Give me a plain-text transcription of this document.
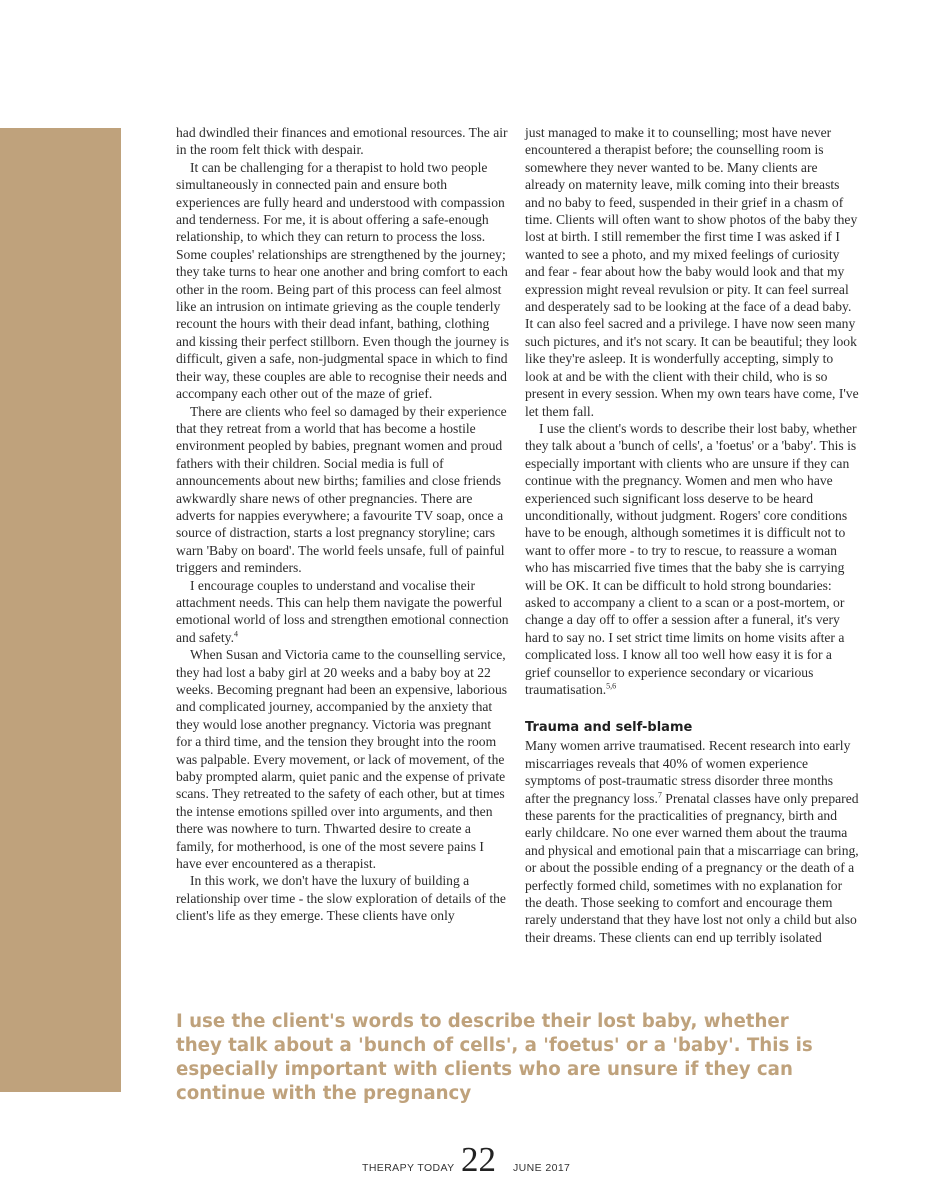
had dwindled their finances and emotional resources. The air in the room felt thick with despair.

It can be challenging for a therapist to hold two people simultaneously in connected pain and ensure both experiences are fully heard and understood with compassion and tenderness. For me, it is about offering a safe-enough relationship, to which they can return to process the loss. Some couples' relationships are strengthened by the journey; they take turns to hear one another and bring comfort to each other in the room. Being part of this process can feel almost like an intrusion on intimate grieving as the couple tenderly recount the hours with their dead infant, bathing, clothing and kissing their perfect stillborn. Even though the journey is difficult, given a safe, non-judgmental space in which to find their way, these couples are able to recognise their needs and accompany each other out of the maze of grief.

There are clients who feel so damaged by their experience that they retreat from a world that has become a hostile environment peopled by babies, pregnant women and proud fathers with their children. Social media is full of announcements about new births; families and close friends awkwardly share news of other pregnancies. There are adverts for nappies everywhere; a favourite TV soap, once a source of distraction, starts a lost pregnancy storyline; cars warn 'Baby on board'. The world feels unsafe, full of painful triggers and reminders.

I encourage couples to understand and vocalise their attachment needs. This can help them navigate the powerful emotional world of loss and strengthen emotional connection and safety.$^4$

When Susan and Victoria came to the counselling service, they had lost a baby girl at 20 weeks and a baby boy at 22 weeks. Becoming pregnant had been an expensive, laborious and complicated journey, accompanied by the anxiety that they would lose another pregnancy. Victoria was pregnant for a third time, and the tension they brought into the room was palpable. Every movement, or lack of movement, of the baby prompted alarm, quiet panic and the expense of private scans. They retreated to the safety of each other, but at times the intense emotions spilled over into arguments, and then there was nowhere to turn. Thwarted desire to create a family, for motherhood, is one of the most severe pains I have ever encountered as a therapist.

In this work, we don't have the luxury of building a relationship over time - the slow exploration of details of the client's life as they emerge. These clients have only

just managed to make it to counselling; most have never encountered a therapist before; the counselling room is somewhere they never wanted to be. Many clients are already on maternity leave, milk coming into their breasts and no baby to feed, suspended in their grief in a chasm of time. Clients will often want to show photos of the baby they lost at birth. I still remember the first time I was asked if I wanted to see a photo, and my mixed feelings of curiosity and fear - fear about how the baby would look and that my expression might reveal revulsion or pity. It can feel surreal and desperately sad to be looking at the face of a dead baby. It can also feel sacred and a privilege. I have now seen many such pictures, and it's not scary. It can be beautiful; they look like they're asleep. It is wonderfully accepting, simply to look at and be with the client with their child, who is so present in every session. When my own tears have come, I've let them fall.

I use the client's words to describe their lost baby, whether they talk about a 'bunch of cells', a 'foetus' or a 'baby'. This is especially important with clients who are unsure if they can continue with the pregnancy. Women and men who have experienced such significant loss deserve to be heard unconditionally, without judgment. Rogers' core conditions have to be enough, although sometimes it is difficult not to want to offer more - to try to rescue, to reassure a woman who has miscarried five times that the baby she is carrying will be OK. It can be difficult to hold strong boundaries: asked to accompany a client to a scan or a post-mortem, or change a day off to offer a session after a funeral, it's very hard to say no. I set strict time limits on home visits after a complicated loss. I know all too well how easy it is for a grief counsellor to experience secondary or vicarious traumatisation.$^{5,6}$

Trauma and self-blame

Many women arrive traumatised. Recent research into early miscarriages reveals that 40% of women experience symptoms of post-traumatic stress disorder three months after the pregnancy loss.$^7$ Prenatal classes have only prepared these parents for the practicalities of pregnancy, birth and early childcare. No one ever warned them about the trauma and physical and emotional pain that a miscarriage can bring, or about the possible ending of a pregnancy or the death of a perfectly formed child, sometimes with no explanation for the death. Those seeking to comfort and encourage them rarely understand that they have lost not only a child but also their dreams. These clients can end up terribly isolated

I use the client's words to describe their lost baby, whether they talk about a 'bunch of cells', a 'foetus' or a 'baby'. This is especially important with clients who are unsure if they can continue with the pregnancy
THERAPY TODAY 22 JUNE 2017
